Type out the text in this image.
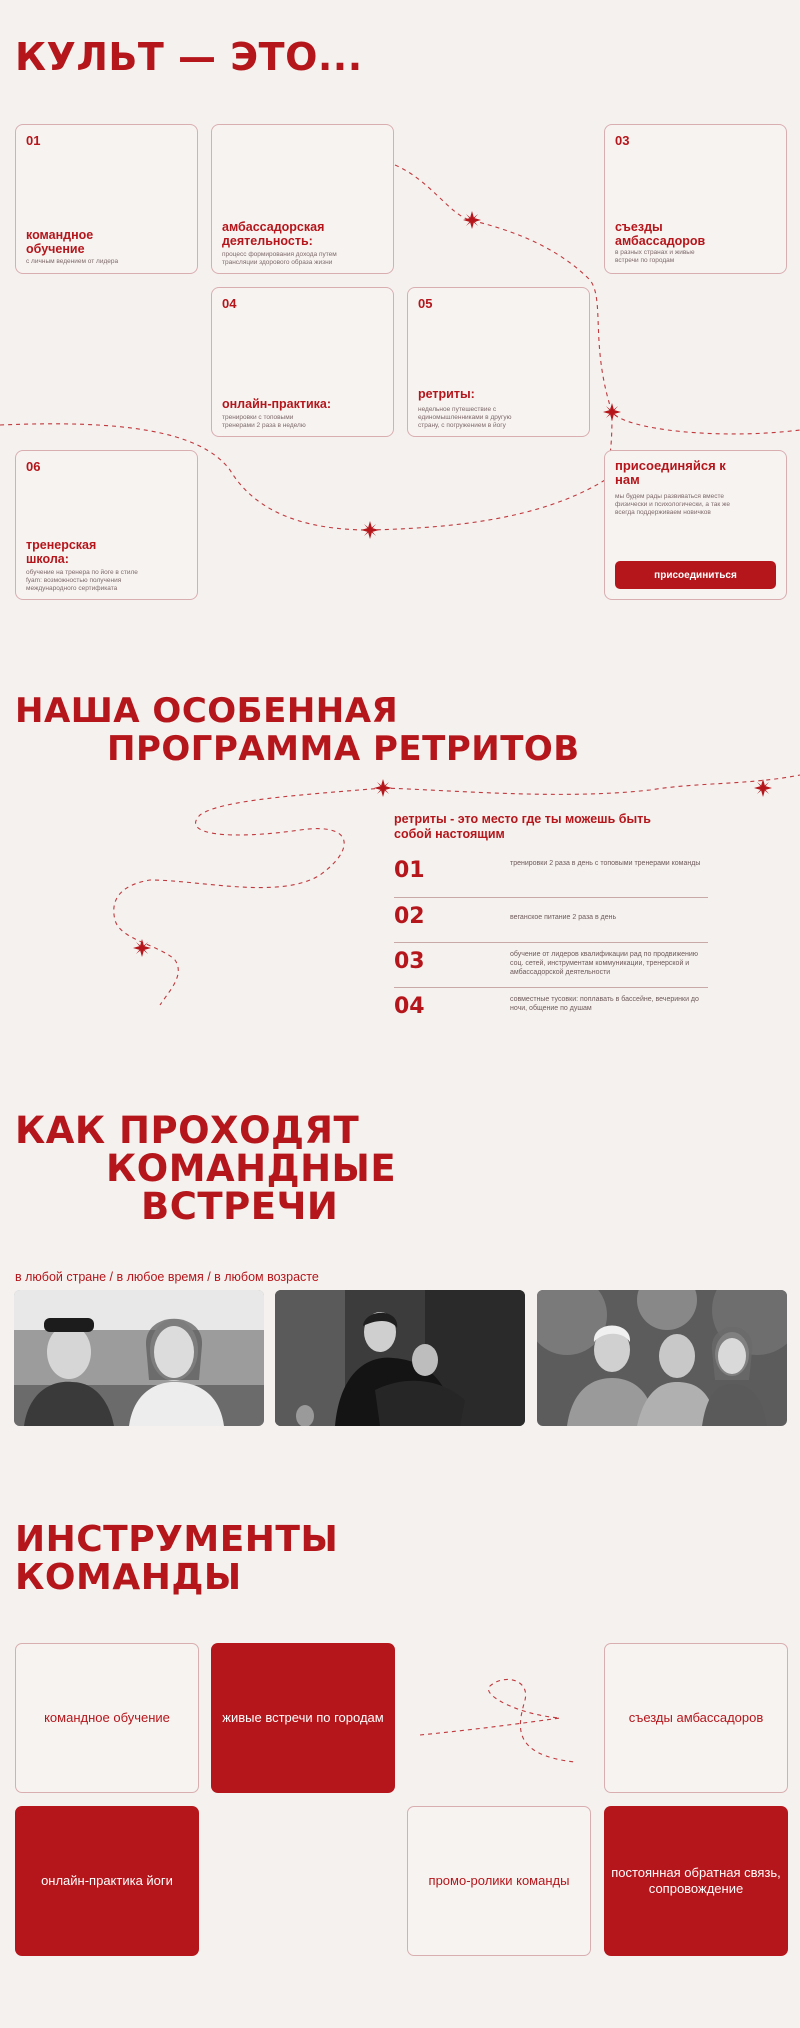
КУЛЬТ — ЭТО...
01
командное обучение
с личным ведением от лидера
амбассадорская деятельность:
процесс формирования дохода путем трансляции здорового образа жизни
03
съезды амбассадоров
в разных странах и живые встречи по городам
04
онлайн-практика:
тренировки с топовыми тренерами 2 раза в неделю
05
ретриты:
недельное путешествие с единомышленниками в другую страну, с погружением в йогу
06
тренерская школа:
обучение на тренера по йоге в стиле fyam: возможностью получения международного сертификата
присоединяйся к нам
мы будем рады развиваться вместе физически и психологически, а так же всегда поддерживаем новичков
присоединиться
НАША ОСОБЕННАЯ
ПРОГРАММА РЕТРИТОВ
ретриты - это место где ты можешь быть собой настоящим
01	тренировки 2 раза в день с топовыми тренерами команды
02	веганское питание 2 раза в день
03	обучение от лидеров квалификации рад по продвижению соц. сетей, инструментам коммуникации, тренерской и амбассадорской деятельности
04	совместные тусовки: поплавать в бассейне, вечеринки до ночи, общение по душам
КАК ПРОХОДЯТ
КОМАНДНЫЕ
ВСТРЕЧИ
в любой стране / в любое время / в любом возрасте
ИНСТРУМЕНТЫ
КОМАНДЫ
командное обучение	живые встречи по городам	съезды амбассадоров
онлайн-практика йоги	промо-ролики команды
постоянная обратная связь, сопровождение
